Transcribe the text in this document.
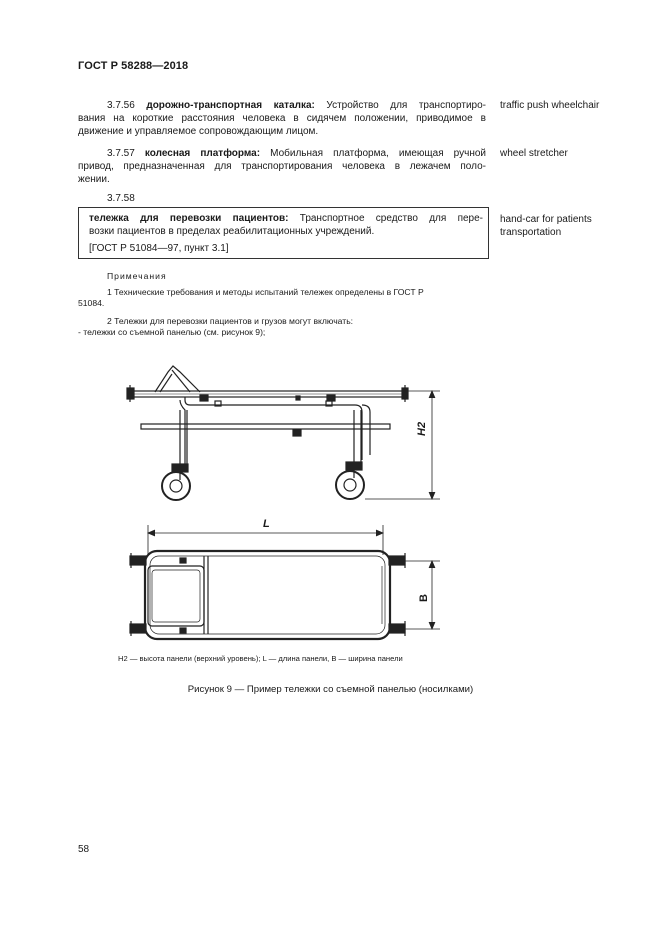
ГОСТ Р 58288—2018
3.7.56 дорожно-транспортная каталка: Устройство для транспортиро-
вания на короткие расстояния человека в сидячем положении, приводимое в
движение и управляемое сопровождающим лицом.
traffic push wheelchair
3.7.57 колесная платформа: Мобильная платформа, имеющая ручной
привод, предназначенная для транспортирования человека в лежачем поло-
жении.
wheel stretcher
3.7.58
тележка для перевозки пациентов: Транспортное средство для пере-
возки пациентов в пределах реабилитационных учреждений.
[ГОСТ Р 51084—97, пункт 3.1]
hand-car for patients
transportation
Примечания
1 Технические требования и методы испытаний тележек определены в ГОСТ Р
51084.
2 Тележки для перевозки пациентов и грузов могут включать:
- тележки со съемной панелью (см. рисунок 9);
H2
L
B
H2 — высота панели (верхний уровень); L — длина панели, B — ширина панели
Рисунок 9 — Пример тележки со съемной панелью (носилками)
58
